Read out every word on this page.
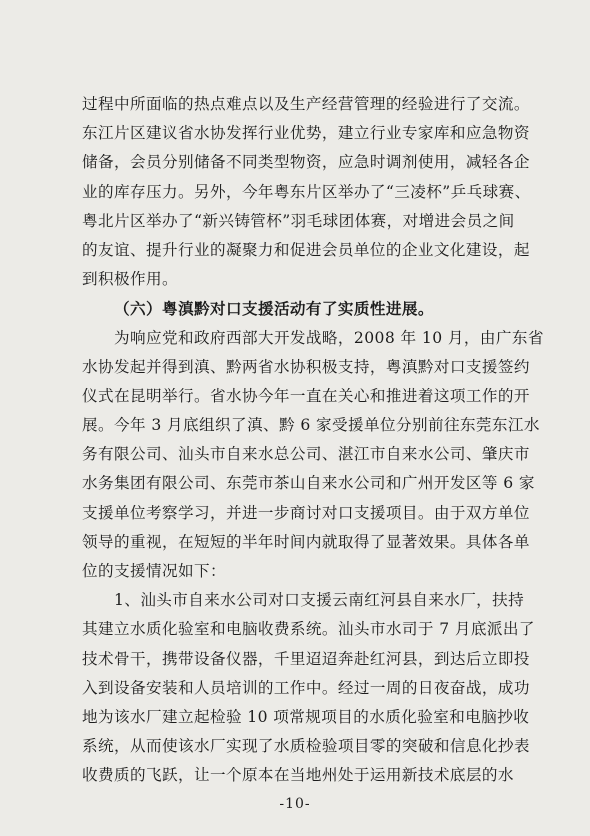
过程中所面临的热点难点以及生产经营管理的经验进行了交流。
东江片区建议省水协发挥行业优势，建立行业专家库和应急物资
储备，会员分别储备不同类型物资，应急时调剂使用，减轻各企
业的库存压力。另外，今年粤东片区举办了“三凌杯”乒乓球赛、
粤北片区举办了“新兴铸管杯”羽毛球团体赛，对增进会员之间
的友谊、提升行业的凝聚力和促进会员单位的企业文化建设，起
到积极作用。
（六）粤滇黔对口支援活动有了实质性进展。
为响应党和政府西部大开发战略，2008 年 10 月，由广东省
水协发起并得到滇、黔两省水协积极支持，粤滇黔对口支援签约
仪式在昆明举行。省水协今年一直在关心和推进着这项工作的开
展。今年 3 月底组织了滇、黔 6 家受援单位分别前往东莞东江水
务有限公司、汕头市自来水总公司、湛江市自来水公司、肇庆市
水务集团有限公司、东莞市茶山自来水公司和广州开发区等 6 家
支援单位考察学习，并进一步商讨对口支援项目。由于双方单位
领导的重视，在短短的半年时间内就取得了显著效果。具体各单
位的支援情况如下：
1、汕头市自来水公司对口支援云南红河县自来水厂，扶持
其建立水质化验室和电脑收费系统。汕头市水司于 7 月底派出了
技术骨干，携带设备仪器，千里迢迢奔赴红河县，到达后立即投
入到设备安装和人员培训的工作中。经过一周的日夜奋战，成功
地为该水厂建立起检验 10 项常规项目的水质化验室和电脑抄收
系统，从而使该水厂实现了水质检验项目零的突破和信息化抄表
收费质的飞跃，让一个原本在当地州处于运用新技术底层的水
-10-
